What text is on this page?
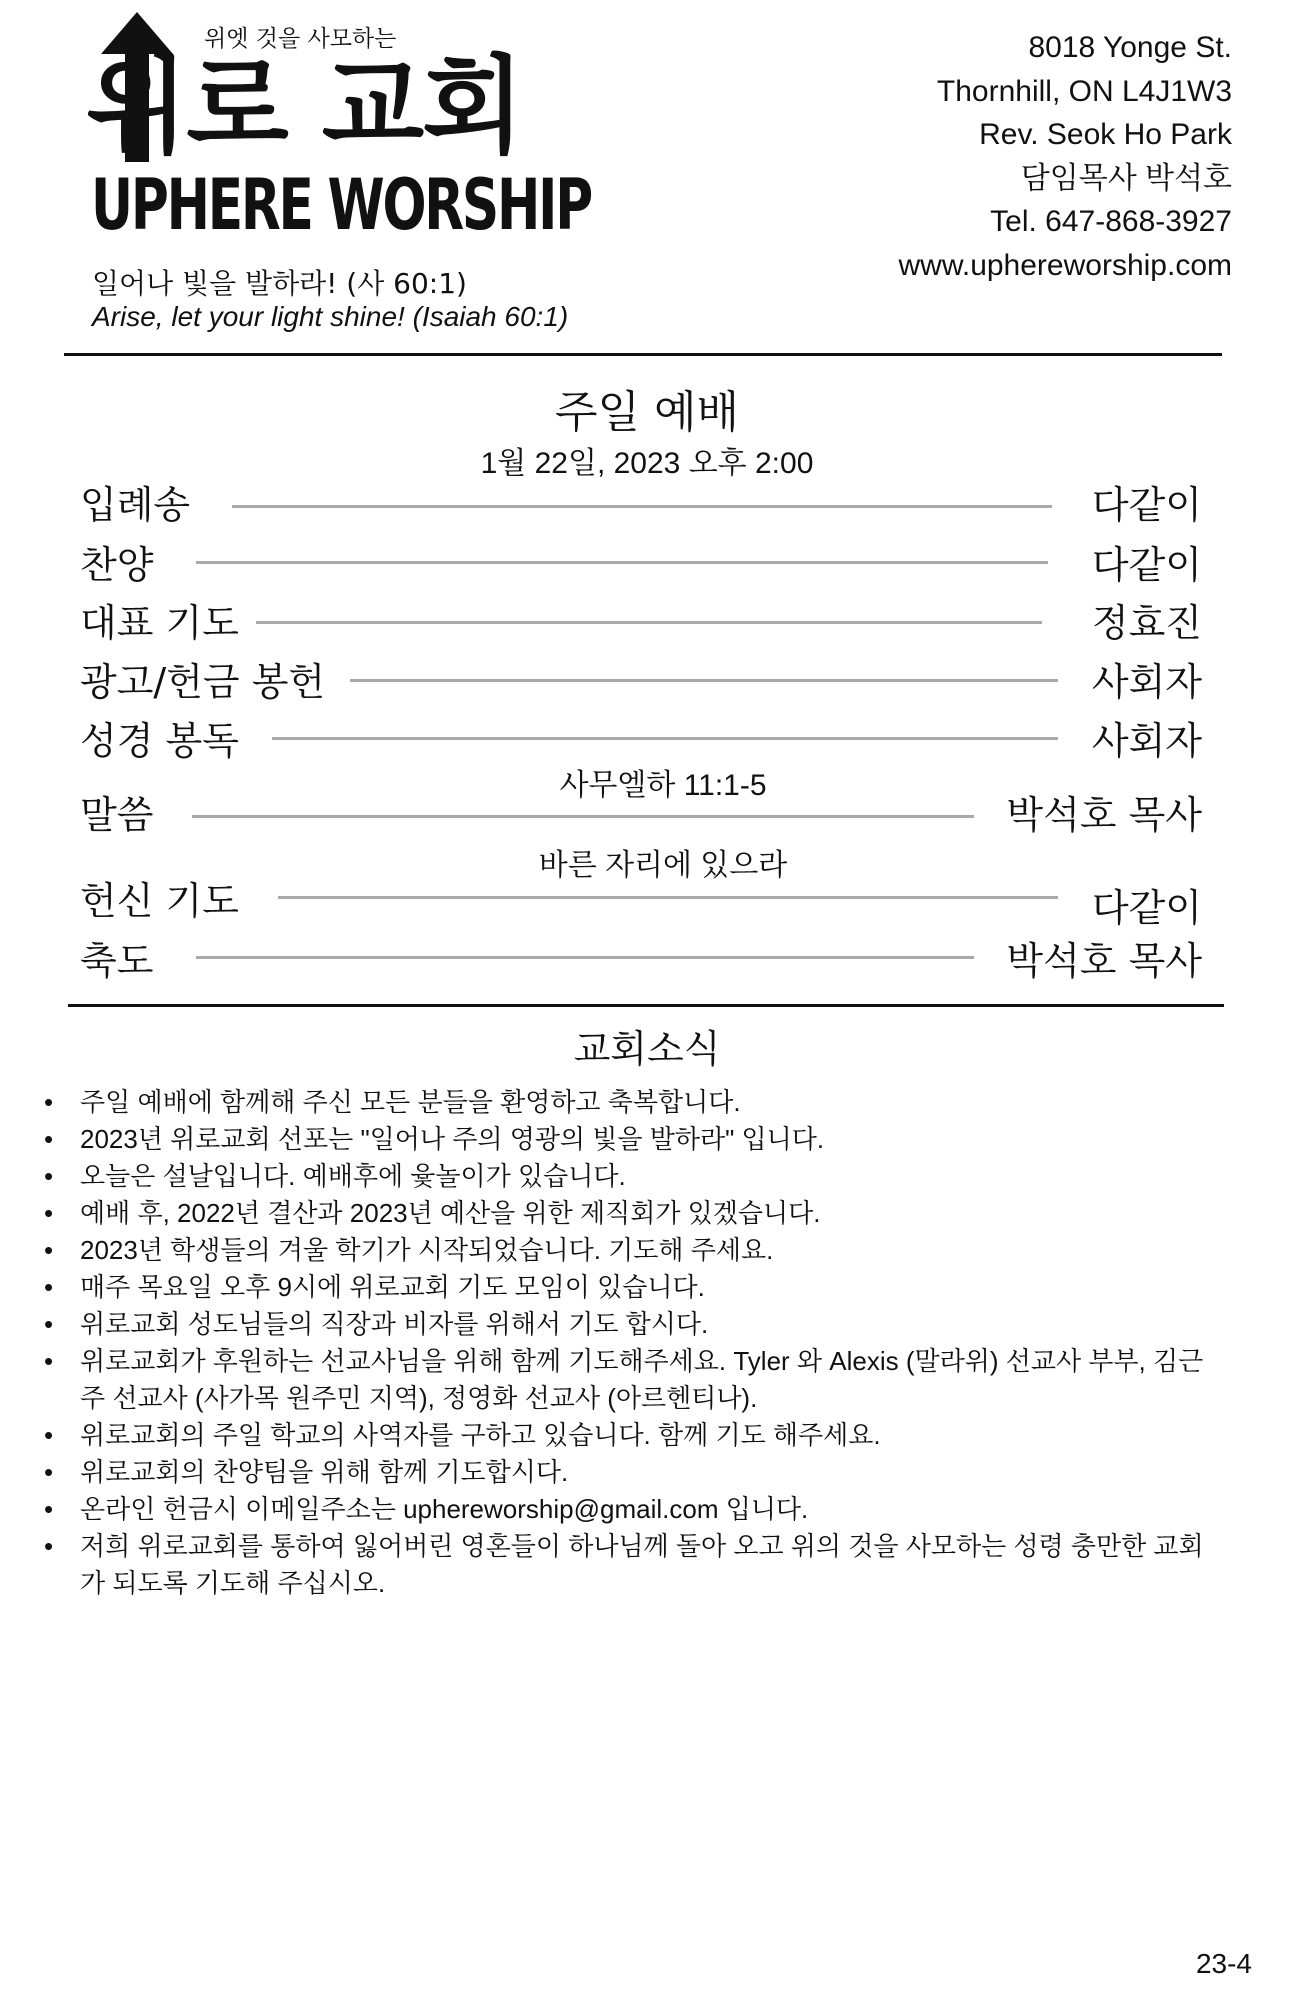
위엣 것을 사모하는
위로 교회
UPHERE WORSHIP
일어나 빛을 발하라! (사 60:1)
Arise, let your light shine! (Isaiah 60:1)
8018 Yonge St.
Thornhill, ON L4J1W3
Rev. Seok Ho Park
담임목사 박석호
Tel. 647-868-3927
www.upherewors​hip.com
주일 예배
1월 22일, 2023 오후 2:00
입례송	다같이
찬양	다같이
대표 기도	정효진
광고/헌금 봉헌	사회자
성경 봉독	사회자
사무엘하 11:1-5
말씀	박석호 목사
바른 자리에 있으라
헌신 기도	다같이
축도	박석호 목사
교회소식
• 주일 예배에 함께해 주신 모든 분들을 환영하고 축복합니다.
• 2023년 위로교회 선포는 "일어나 주의 영광의 빛을 발하라" 입니다.
• 오늘은 설날입니다. 예배후에 윷놀이가 있습니다.
• 예배 후, 2022년 결산과 2023년 예산을 위한 제직회가 있겠습니다.
• 2023년 학생들의 겨울 학기가 시작되었습니다. 기도해 주세요.
• 매주 목요일 오후 9시에 위로교회 기도 모임이 있습니다.
• 위로교회 성도님들의 직장과 비자를 위해서 기도 합시다.
• 위로교회가 후원하는 선교사님을 위해 함께 기도해주세요. Tyler 와 Alexis (말라위) 선교사 부부, 김근주 선교사 (사가목 원주민 지역), 정영화 선교사 (아르헨티나).
• 위로교회의 주일 학교의 사역자를 구하고 있습니다. 함께 기도 해주세요.
• 위로교회의 찬양팀을 위해 함께 기도합시다.
• 온라인 헌금시 이메일주소는 upherewors​hip@gmail.com 입니다.
• 저희 위로교회를 통하여 잃어버린 영혼들이 하나님께 돌아 오고 위의 것을 사모하는 성령 충만한 교회가 되도록 기도해 주십시오.
23-4
